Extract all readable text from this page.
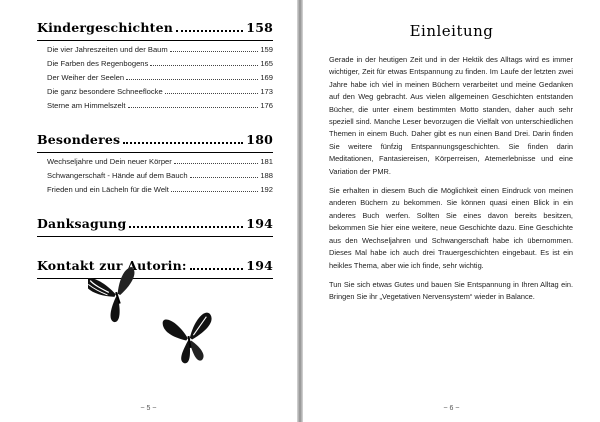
Kindergeschichten	158
Die vier Jahreszeiten und der Baum	159
Die Farben des Regenbogens	165
Der Weiher der Seelen	169
Die ganz besondere Schneeflocke	173
Sterne am Himmelszelt	176
Besonderes	180
Wechseljahre und Dein neuer Körper	181
Schwangerschaft - Hände auf dem Bauch	188
Frieden und ein Lächeln für die Welt	192
Danksagung	194
Kontakt zur Autorin:	194
~ 5 ~
Einleitung

Gerade in der heutigen Zeit und in der Hektik des Alltags wird es immer wichtiger, Zeit für etwas Entspannung zu finden. Im Laufe der letzten zwei Jahre habe ich viel in meinen Büchern verarbeitet und meine Gedanken auf den Weg gebracht. Aus vielen allgemeinen Geschichten entstanden Bücher, die unter einem bestimmten Motto standen, daher auch sehr speziell sind. Manche Leser bevorzugen die Vielfalt von unterschiedlichen Themen in einem Buch. Daher gibt es nun einen Band Drei. Darin finden Sie weitere fünfzig Entspannungsgeschichten. Sie finden darin Meditationen, Fantasiereisen, Körperreisen, Atemerlebnisse und eine Variation der PMR.

Sie erhalten in diesem Buch die Möglichkeit einen Eindruck von meinen anderen Büchern zu bekommen. Sie können quasi einen Blick in ein anderes Buch werfen. Sollten Sie eines davon bereits besitzen, bekommen Sie hier eine weitere, neue Geschichte dazu. Eine Geschichte aus den Wechseljahren und Schwangerschaft habe ich übernommen. Dieses Mal habe ich auch drei Trauergeschichten eingebaut. Es ist ein heikles Thema, aber wie ich finde, sehr wichtig.

Tun Sie sich etwas Gutes und bauen Sie Entspannung in Ihren Alltag ein. Bringen Sie ihr „Vegetativen Nervensystem“ wieder in Balance.

~ 6 ~
